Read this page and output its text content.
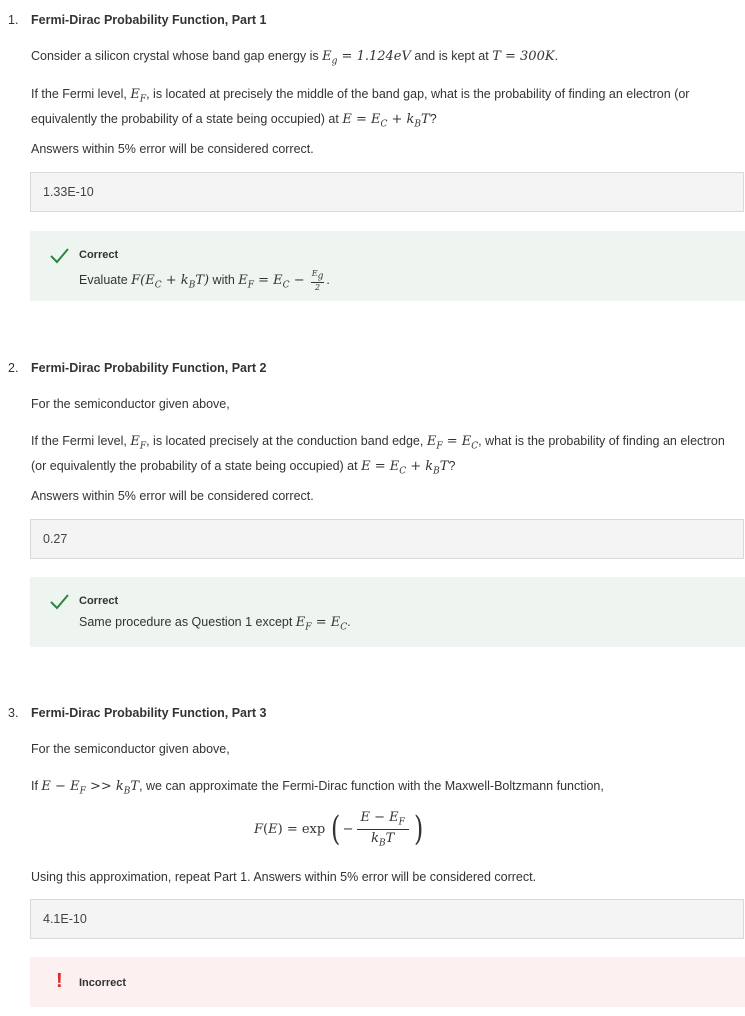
1. Fermi-Dirac Probability Function, Part 1
Consider a silicon crystal whose band gap energy is $E_g = 1.124eV$ and is kept at T = 300K.
If the Fermi level, $E_F$, is located at precisely the middle of the band gap, what is the probability of finding an electron (or equivalently the probability of a state being occupied) at $E = E_C + k_BT$?
Answers within 5% error will be considered correct.
1.33E-10
Correct
Evaluate $F(E_C + k_BT)$ with $E_F = E_C - \frac{E_g}{2}$ .
2. Fermi-Dirac Probability Function, Part 2
For the semiconductor given above,
If the Fermi level, $E_F$, is located precisely at the conduction band edge, $E_F = E_C$, what is the probability of finding an electron (or equivalently the probability of a state being occupied) at $E = E_C + k_BT$?
Answers within 5% error will be considered correct.
0.27
Correct
Same procedure as Question 1 except $E_F = E_C$.
3. Fermi-Dirac Probability Function, Part 3
For the semiconductor given above,
If $E - E_F >> k_BT$, we can approximate the Fermi-Dirac function with the Maxwell-Boltzmann function,
F ( E ) = exp ( − $\frac{E - E_F}{k_BT}$ )
Using this approximation, repeat Part 1. Answers within 5% error will be considered correct.
4.1E-10
! Incorrect
